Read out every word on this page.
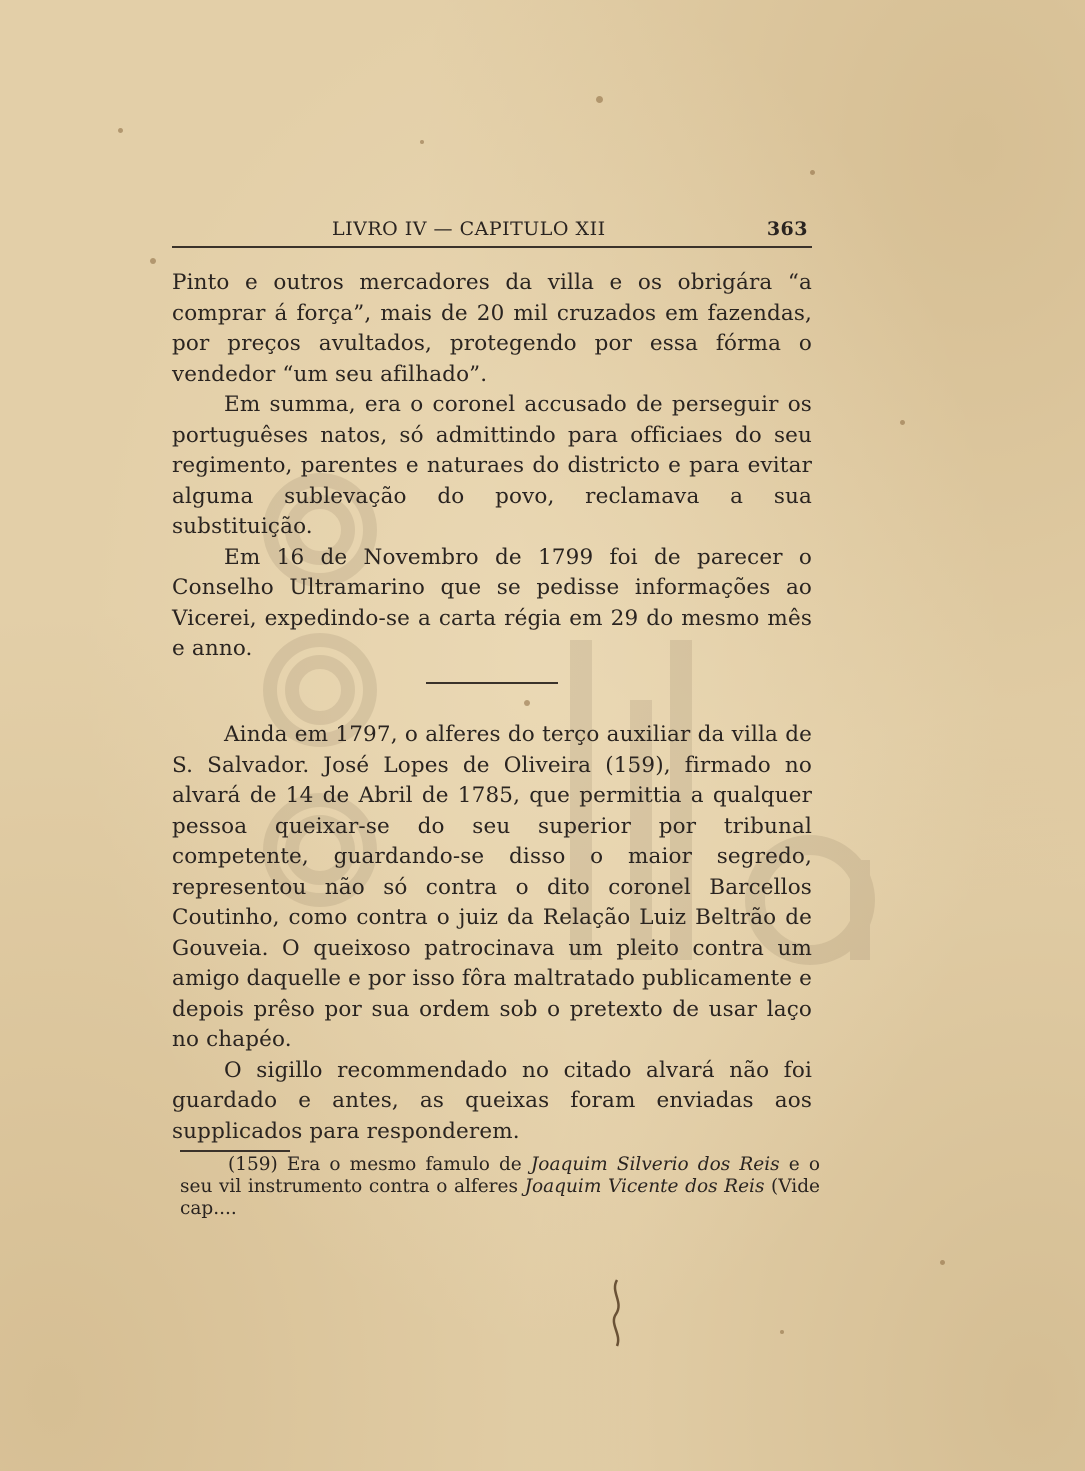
LIVRO IV — CAPITULO XII	363

Pinto e outros mercadores da villa e os obrigára “a comprar á força”, mais de 20 mil cruzados em fazendas, por preços avultados, protegendo por essa fórma o vendedor “um seu afilhado”.

Em summa, era o coronel accusado de perseguir os portuguêses natos, só admittindo para officiaes do seu regimento, parentes e naturaes do districto e para evitar alguma sublevação do povo, reclamava a sua substituição.

Em 16 de Novembro de 1799 foi de parecer o Conselho Ultramarino que se pedisse informações ao Vicerei, expedindo-se a carta régia em 29 do mesmo mês e anno.

Ainda em 1797, o alferes do terço auxiliar da villa de S. Salvador. José Lopes de Oliveira (159), firmado no alvará de 14 de Abril de 1785, que permittia a qualquer pessoa queixar-se do seu superior por tribunal competente, guardando-se disso o maior segredo, representou não só contra o dito coronel Barcellos Coutinho, como contra o juiz da Relação Luiz Beltrão de Gouveia. O queixoso patrocinava um pleito contra um amigo daquelle e por isso fôra maltratado publicamente e depois prêso por sua ordem sob o pretexto de usar laço no chapéo.

O sigillo recommendado no citado alvará não foi guardado e antes, as queixas foram enviadas aos supplicados para responderem.

(159) Era o mesmo famulo de Joaquim Silverio dos Reis e o seu vil instrumento contra o alferes Joaquim Vicente dos Reis (Vide cap....
